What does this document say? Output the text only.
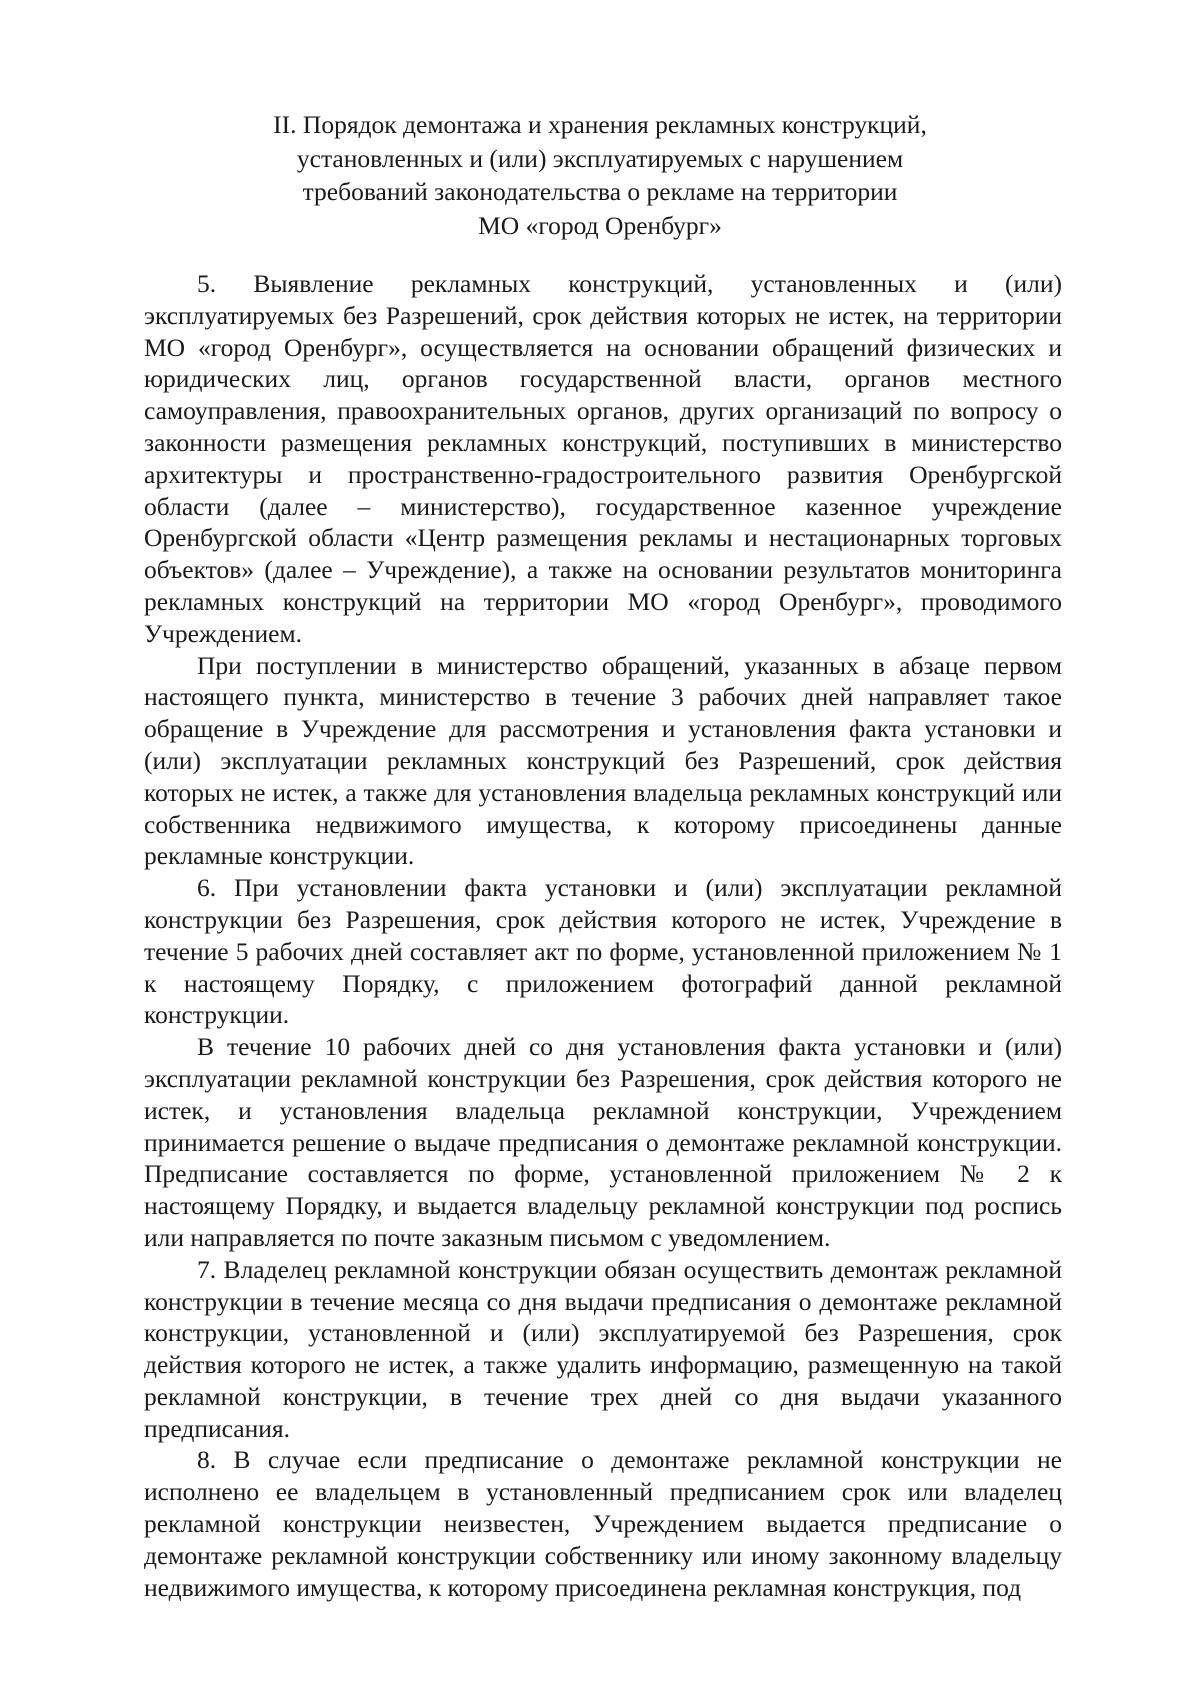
II. Порядок демонтажа и хранения рекламных конструкций,
установленных и (или) эксплуатируемых с нарушением
требований законодательства о рекламе на территории
МО «город Оренбург»

5. Выявление рекламных конструкций, установленных и (или) эксплуатируемых без Разрешений, срок действия которых не истек, на территории МО «город Оренбург», осуществляется на основании обращений физических и юридических лиц, органов государственной власти, органов местного самоуправления, правоохранительных органов, других организаций по вопросу о законности размещения рекламных конструкций, поступивших в министерство архитектуры и пространственно-градостроительного развития Оренбургской области (далее – министерство), государственное казенное учреждение Оренбургской области «Центр размещения рекламы и нестационарных торговых объектов» (далее – Учреждение), а также на основании результатов мониторинга рекламных конструкций на территории МО «город Оренбург», проводимого Учреждением.

При поступлении в министерство обращений, указанных в абзаце первом настоящего пункта, министерство в течение 3 рабочих дней направляет такое обращение в Учреждение для рассмотрения и установления факта установки и (или) эксплуатации рекламных конструкций без Разрешений, срок действия которых не истек, а также для установления владельца рекламных конструкций или собственника недвижимого имущества, к которому присоединены данные рекламные конструкции.

6. При установлении факта установки и (или) эксплуатации рекламной конструкции без Разрешения, срок действия которого не истек, Учреждение в течение 5 рабочих дней составляет акт по форме, установленной приложением № 1 к настоящему Порядку, с приложением фотографий данной рекламной конструкции.

В течение 10 рабочих дней со дня установления факта установки и (или) эксплуатации рекламной конструкции без Разрешения, срок действия которого не истек, и установления владельца рекламной конструкции, Учреждением принимается решение о выдаче предписания о демонтаже рекламной конструкции. Предписание составляется по форме, установленной приложением № 2 к настоящему Порядку, и выдается владельцу рекламной конструкции под роспись или направляется по почте заказным письмом с уведомлением.

7. Владелец рекламной конструкции обязан осуществить демонтаж рекламной конструкции в течение месяца со дня выдачи предписания о демонтаже рекламной конструкции, установленной и (или) эксплуатируемой без Разрешения, срок действия которого не истек, а также удалить информацию, размещенную на такой рекламной конструкции, в течение трех дней со дня выдачи указанного предписания.

8. В случае если предписание о демонтаже рекламной конструкции не исполнено ее владельцем в установленный предписанием срок или владелец рекламной конструкции неизвестен, Учреждением выдается предписание о демонтаже рекламной конструкции собственнику или иному законному владельцу недвижимого имущества, к которому присоединена рекламная конструкция, под
